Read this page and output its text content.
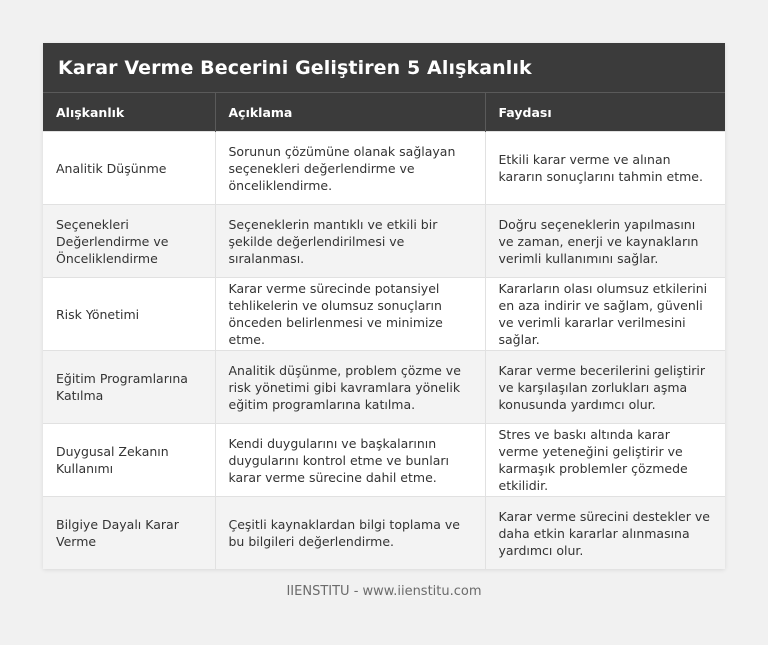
Karar Verme Becerini Geliştiren 5 Alışkanlık
Alışkanlık	Açıklama	Faydası
Analitik Düşünme	Sorunun çözümüne olanak sağlayan seçenekleri değerlendirme ve önceliklendirme.	Etkili karar verme ve alınan kararın sonuçlarını tahmin etme.
Seçenekleri Değerlendirme ve Önceliklendirme	Seçeneklerin mantıklı ve etkili bir şekilde değerlendirilmesi ve sıralanması.	Doğru seçeneklerin yapılmasını ve zaman, enerji ve kaynakların verimli kullanımını sağlar.
Risk Yönetimi	Karar verme sürecinde potansiyel tehlikelerin ve olumsuz sonuçların önceden belirlenmesi ve minimize etme.	Kararların olası olumsuz etkilerini en aza indirir ve sağlam, güvenli ve verimli kararlar verilmesini sağlar.
Eğitim Programlarına Katılma	Analitik düşünme, problem çözme ve risk yönetimi gibi kavramlara yönelik eğitim programlarına katılma.	Karar verme becerilerini geliştirir ve karşılaşılan zorlukları aşma konusunda yardımcı olur.
Duygusal Zekanın Kullanımı	Kendi duygularını ve başkalarının duygularını kontrol etme ve bunları karar verme sürecine dahil etme.	Stres ve baskı altında karar verme yeteneğini geliştirir ve karmaşık problemler çözmede etkilidir.
Bilgiye Dayalı Karar Verme	Çeşitli kaynaklardan bilgi toplama ve bu bilgileri değerlendirme.	Karar verme sürecini destekler ve daha etkin kararlar alınmasına yardımcı olur.
IIENSTITU - www.iienstitu.com
